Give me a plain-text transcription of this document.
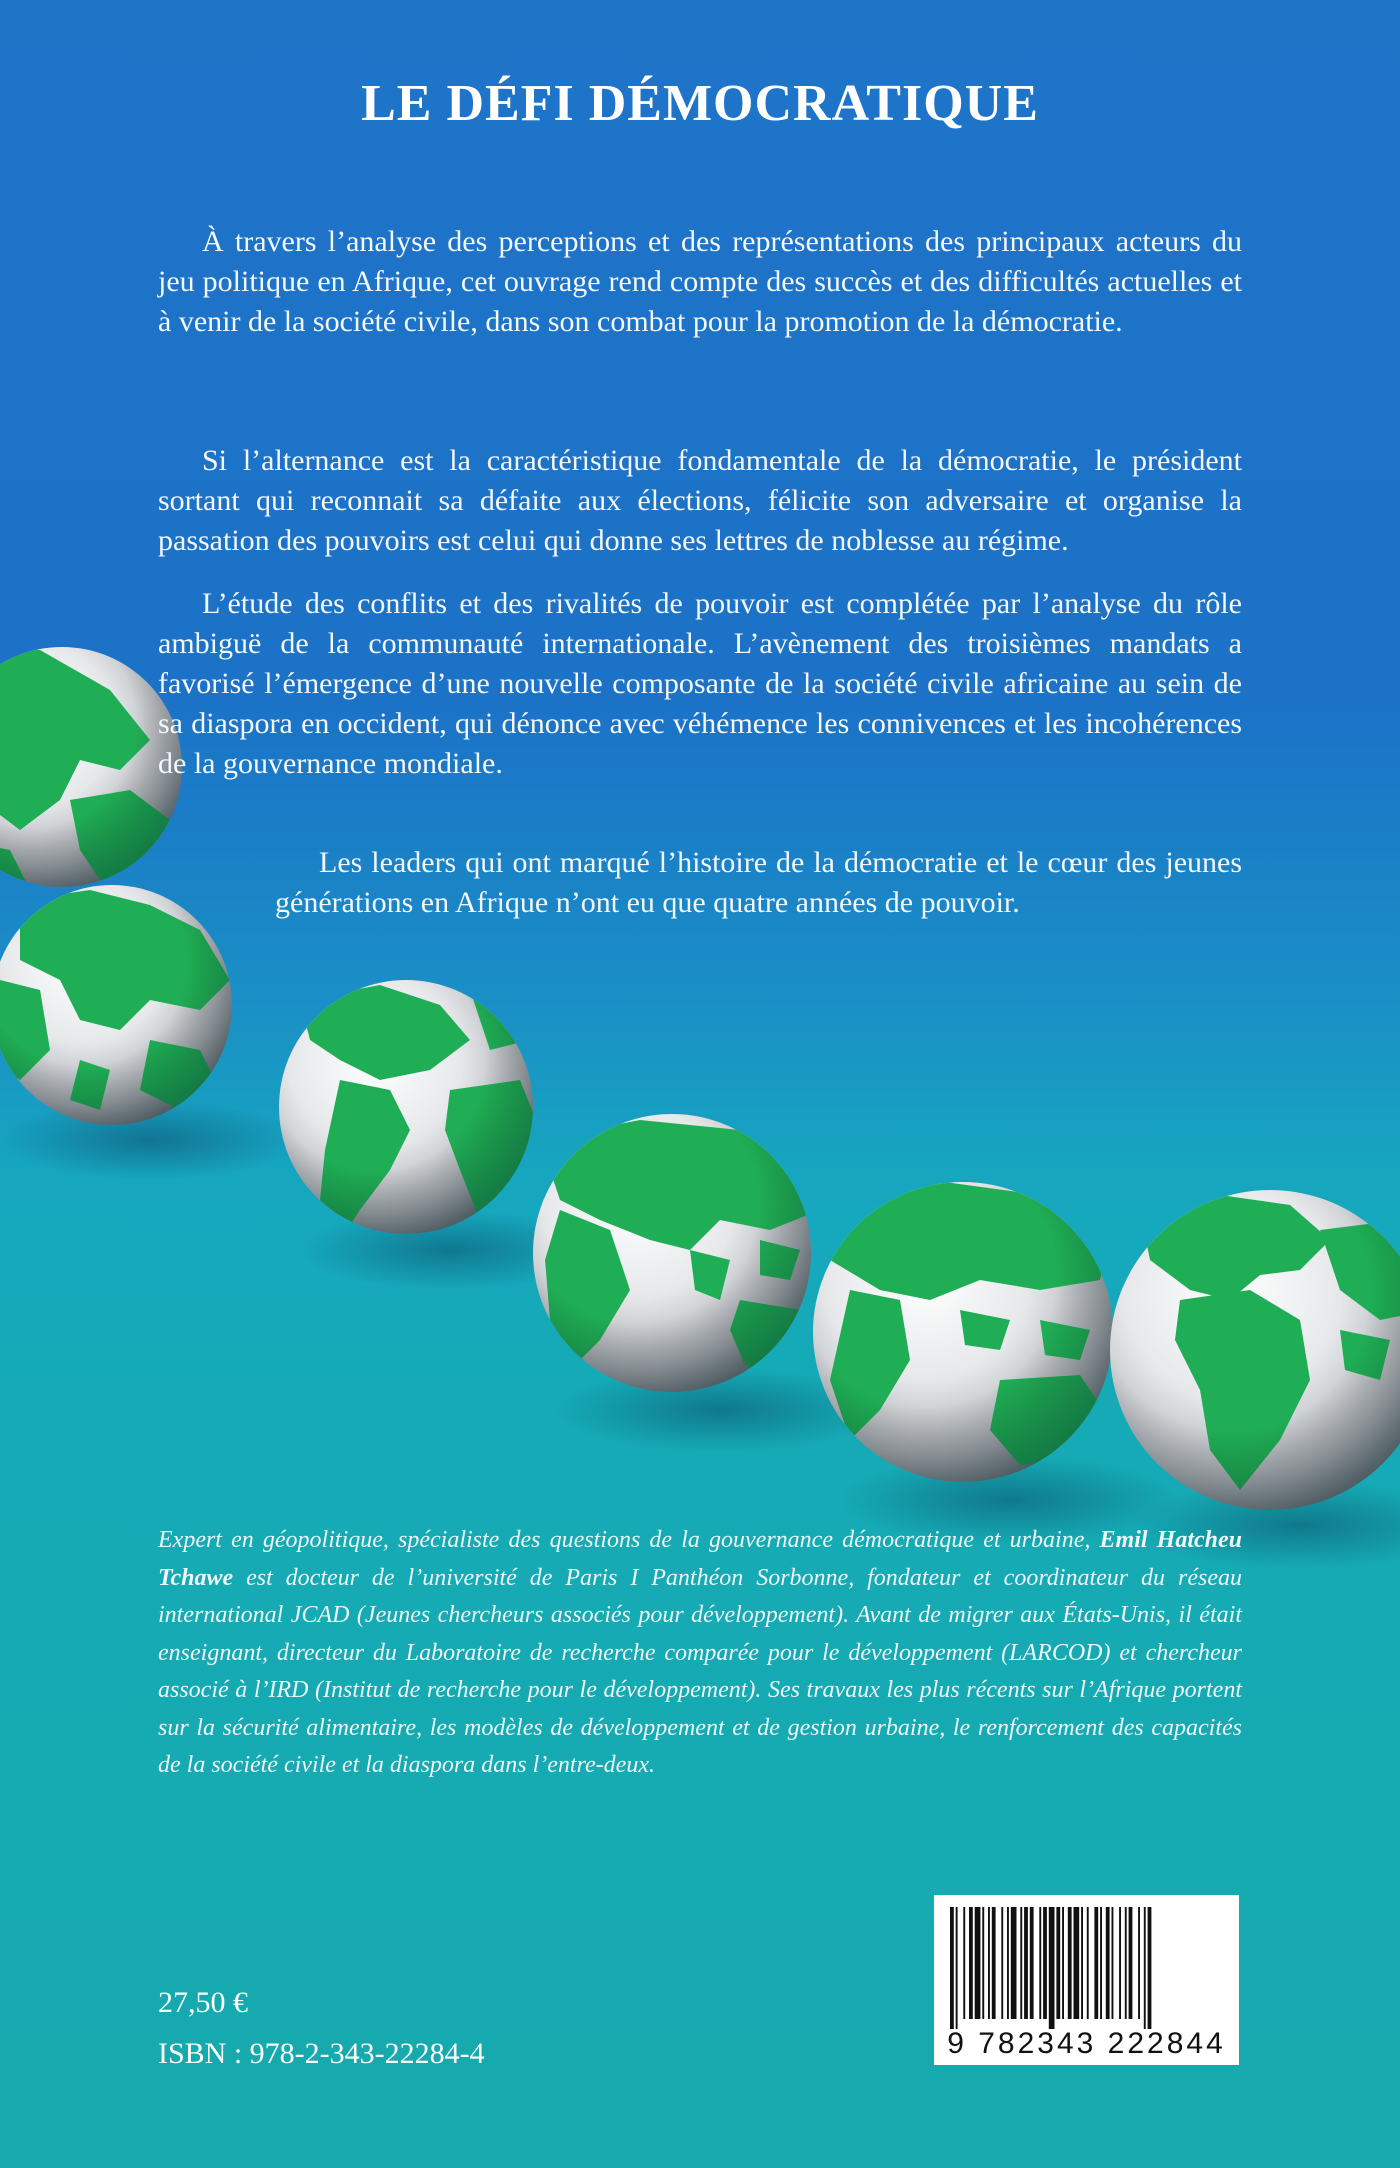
LE DÉFI DÉMOCRATIQUE

À travers l’analyse des perceptions et des représentations des principaux acteurs du jeu politique en Afrique, cet ouvrage rend compte des succès et des difficultés actuelles et à venir de la société civile, dans son combat pour la promotion de la démocratie.

Si l’alternance est la caractéristique fondamentale de la démocratie, le président sortant qui reconnait sa défaite aux élections, félicite son adversaire et organise la passation des pouvoirs est celui qui donne ses lettres de noblesse au régime.

L’étude des conflits et des rivalités de pouvoir est complétée par l’analyse du rôle ambiguë de la communauté internationale. L’avènement des troisièmes mandats a favorisé l’émergence d’une nouvelle composante de la société civile africaine au sein de sa diaspora en occident, qui dénonce avec véhémence les connivences et les incohérences de la gouvernance mondiale.

Les leaders qui ont marqué l’histoire de la démocratie et le cœur des jeunes générations en Afrique n’ont eu que quatre années de pouvoir.

Expert en géopolitique, spécialiste des questions de la gouvernance démocratique et urbaine, Emil Hatcheu Tchawe est docteur de l’université de Paris I Panthéon Sorbonne, fondateur et coordinateur du réseau international JCAD (Jeunes chercheurs associés pour développement). Avant de migrer aux États-Unis, il était enseignant, directeur du Laboratoire de recherche comparée pour le développement (LARCOD) et chercheur associé à l’IRD (Institut de recherche pour le développement). Ses travaux les plus récents sur l’Afrique portent sur la sécurité alimentaire, les modèles de développement et de gestion urbaine, le renforcement des capacités de la société civile et la diaspora dans l’entre-deux.

27,50 €

ISBN : 978-2-343-22284-4	9 782343 222844
